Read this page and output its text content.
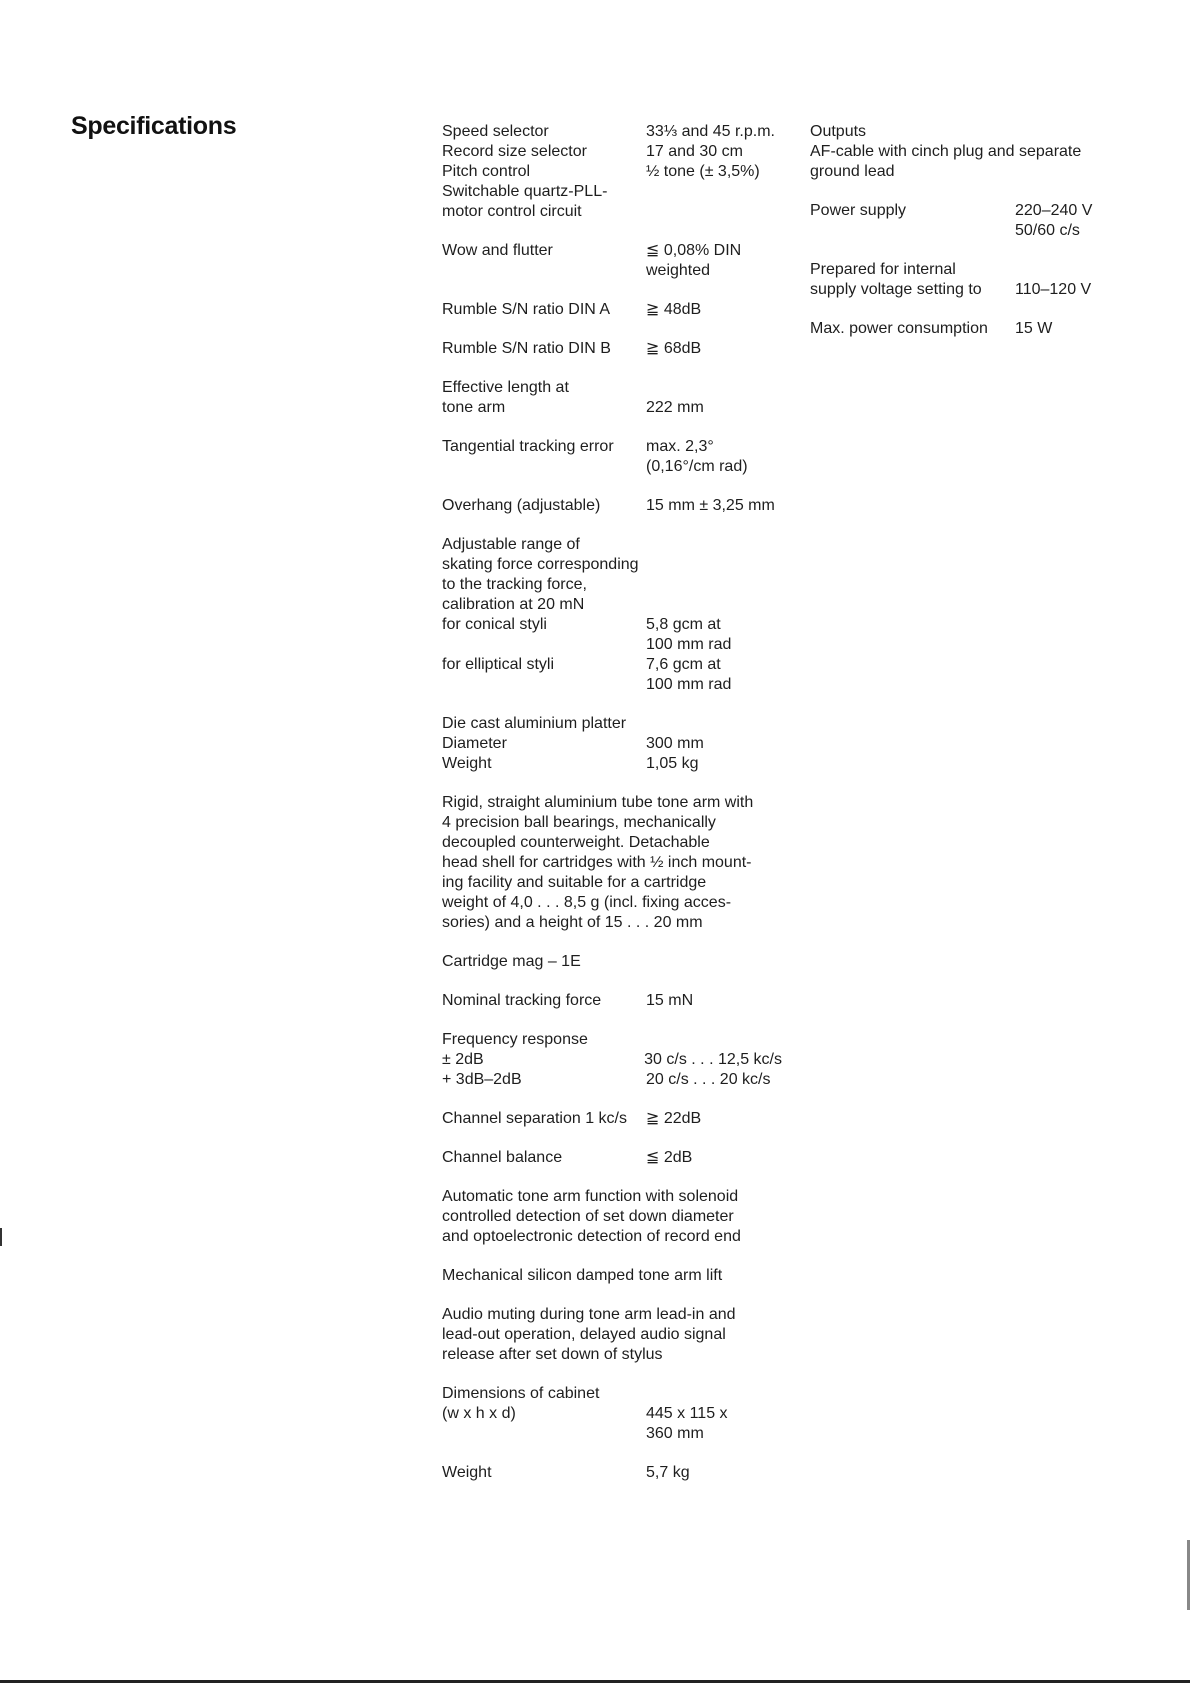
Specifications	Speed selector	33⅓ and 45 r.p.m.
Record size selector	17 and 30 cm
Pitch control	½ tone (± 3,5%)
Switchable quartz-PLL-
motor control circuit
Wow and flutter	≦ 0,08% DIN
weighted
Rumble S/N ratio DIN A	≧ 48dB
Rumble S/N ratio DIN B	≧ 68dB
Effective length at
tone arm	222 mm
Tangential tracking error	max. 2,3°
(0,16°/cm rad)
Overhang (adjustable)	15 mm ± 3,25 mm
Adjustable range of
skating force corresponding
to the tracking force,
calibration at 20 mN
for conical styli	5,8 gcm at
100 mm rad
for elliptical styli	7,6 gcm at
100 mm rad
Die cast aluminium platter
Diameter	300 mm
Weight	1,05 kg
Rigid, straight aluminium tube tone arm with
4 precision ball bearings, mechanically
decoupled counterweight. Detachable
head shell for cartridges with ½ inch mount-
ing facility and suitable for a cartridge
weight of 4,0 . . . 8,5 g (incl. fixing acces-
sories) and a height of 15 . . . 20 mm
Cartridge mag – 1E
Nominal tracking force	15 mN
Frequency response
± 2dB	30 c/s . . . 12,5 kc/s
+ 3dB–2dB	20 c/s . . . 20 kc/s
Channel separation 1 kc/s	≧ 22dB
Channel balance	≦ 2dB
Automatic tone arm function with solenoid
controlled detection of set down diameter
and optoelectronic detection of record end
Mechanical silicon damped tone arm lift
Audio muting during tone arm lead-in and
lead-out operation, delayed audio signal
release after set down of stylus
Dimensions of cabinet
(w x h x d)	445 x 115 x
360 mm
Weight	5,7 kg
Outputs
AF-cable with cinch plug and separate
ground lead
Power supply	220–240 V
50/60 c/s
Prepared for internal
supply voltage setting to	110–120 V
Max. power consumption	15 W
